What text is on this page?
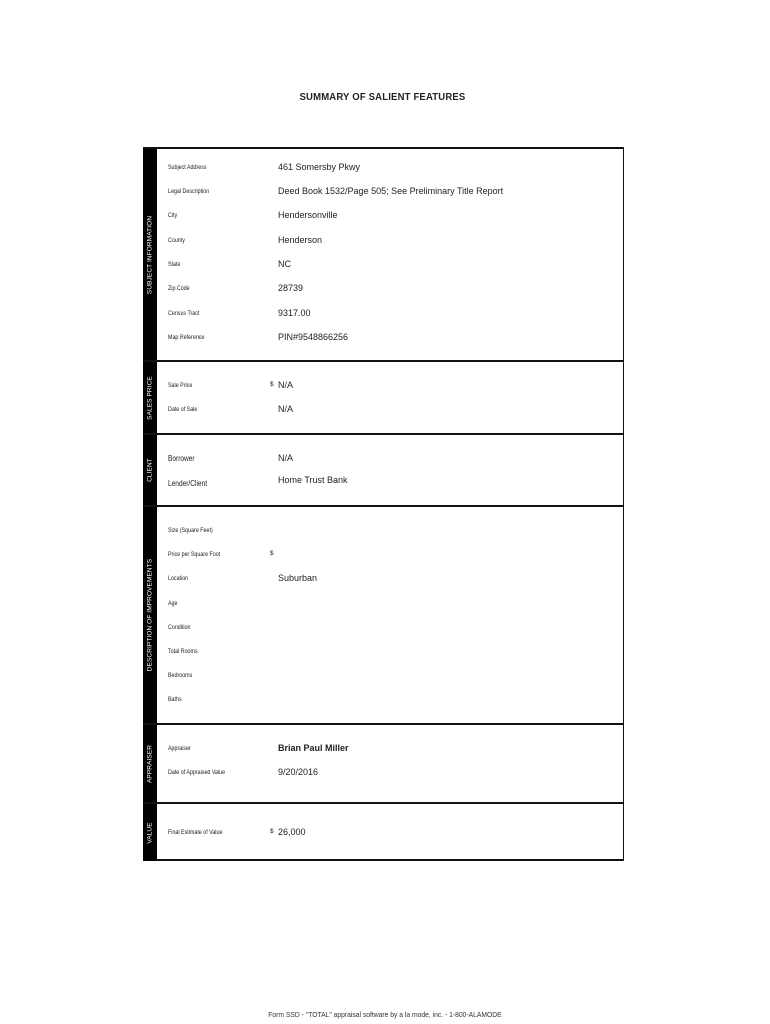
SUMMARY OF SALIENT FEATURES
SUBJECT INFORMATION
Subject Address	461 Somersby Pkwy
Legal Description	Deed Book 1532/Page 505; See Preliminary Title Report
City	Hendersonville
County	Henderson
State	NC
Zip Code	28739
Census Tract	9317.00
Map Reference	PIN#9548866256
SALES PRICE Sale Price	$ N/A
Date of Sale	N/A
CLIENT Borrower	N/A
Lender/Client	Home Trust Bank
DESCRIPTION OF IMPROVEMENTS
Size (Square Feet)
Price per Square Foot	$
Location	Suburban
Age
Condition
Total Rooms
Bedrooms
Baths
APPRAISER Appraiser	Brian Paul Miller
Date of Appraised Value	9/20/2016
VALUE Final Estimate of Value	$ 26,000
Form SSD - "TOTAL" appraisal software by a la mode, inc. - 1-800-ALAMODE
